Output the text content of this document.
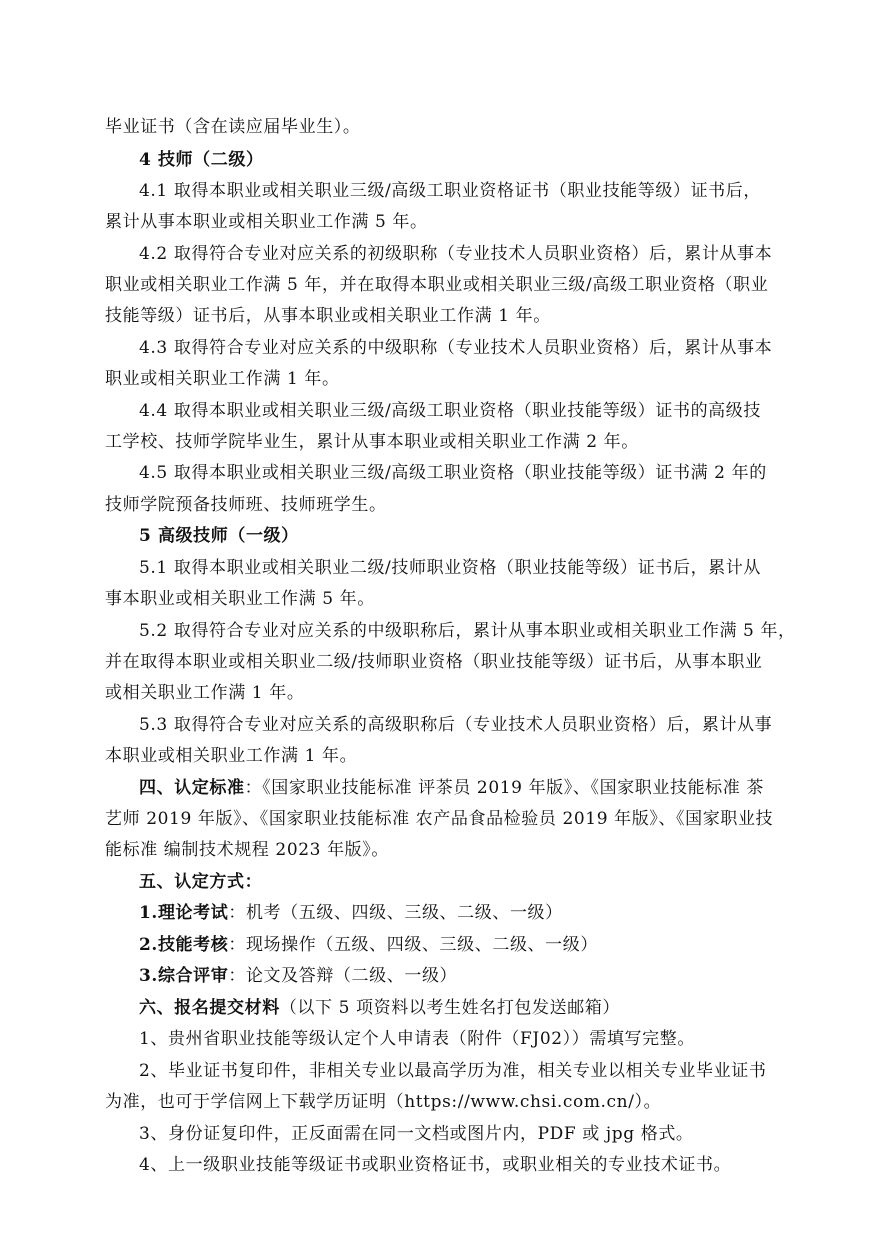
毕业证书（含在读应届毕业生）。
4 技师（二级）
4.1 取得本职业或相关职业三级/高级工职业资格证书（职业技能等级）证书后，
累计从事本职业或相关职业工作满 5 年。
4.2 取得符合专业对应关系的初级职称（专业技术人员职业资格）后，累计从事本
职业或相关职业工作满 5 年，并在取得本职业或相关职业三级/高级工职业资格（职业
技能等级）证书后，从事本职业或相关职业工作满 1 年。
4.3 取得符合专业对应关系的中级职称（专业技术人员职业资格）后，累计从事本
职业或相关职业工作满 1 年。
4.4 取得本职业或相关职业三级/高级工职业资格（职业技能等级）证书的高级技
工学校、技师学院毕业生，累计从事本职业或相关职业工作满 2 年。
4.5 取得本职业或相关职业三级/高级工职业资格（职业技能等级）证书满 2 年的
技师学院预备技师班、技师班学生。
5 高级技师（一级）
5.1 取得本职业或相关职业二级/技师职业资格（职业技能等级）证书后，累计从
事本职业或相关职业工作满 5 年。
5.2 取得符合专业对应关系的中级职称后，累计从事本职业或相关职业工作满 5 年，
并在取得本职业或相关职业二级/技师职业资格（职业技能等级）证书后，从事本职业
或相关职业工作满 1 年。
5.3 取得符合专业对应关系的高级职称后（专业技术人员职业资格）后，累计从事
本职业或相关职业工作满 1 年。
四、认定标准：《国家职业技能标准 评茶员 2019 年版》、《国家职业技能标准 茶
艺师 2019 年版》、《国家职业技能标准 农产品食品检验员 2019 年版》、《国家职业技
能标准 编制技术规程 2023 年版》。
五、认定方式：
1.理论考试：机考（五级、四级、三级、二级、一级）
2.技能考核：现场操作（五级、四级、三级、二级、一级）
3.综合评审：论文及答辩（二级、一级）
六、报名提交材料（以下 5 项资料以考生姓名打包发送邮箱）
1、贵州省职业技能等级认定个人申请表（附件（FJ02））需填写完整。
2、毕业证书复印件，非相关专业以最高学历为准，相关专业以相关专业毕业证书
为准，也可于学信网上下载学历证明（https://www.chsi.com.cn/）。
3、身份证复印件，正反面需在同一文档或图片内，PDF 或 jpg 格式。
4、上一级职业技能等级证书或职业资格证书，或职业相关的专业技术证书。
